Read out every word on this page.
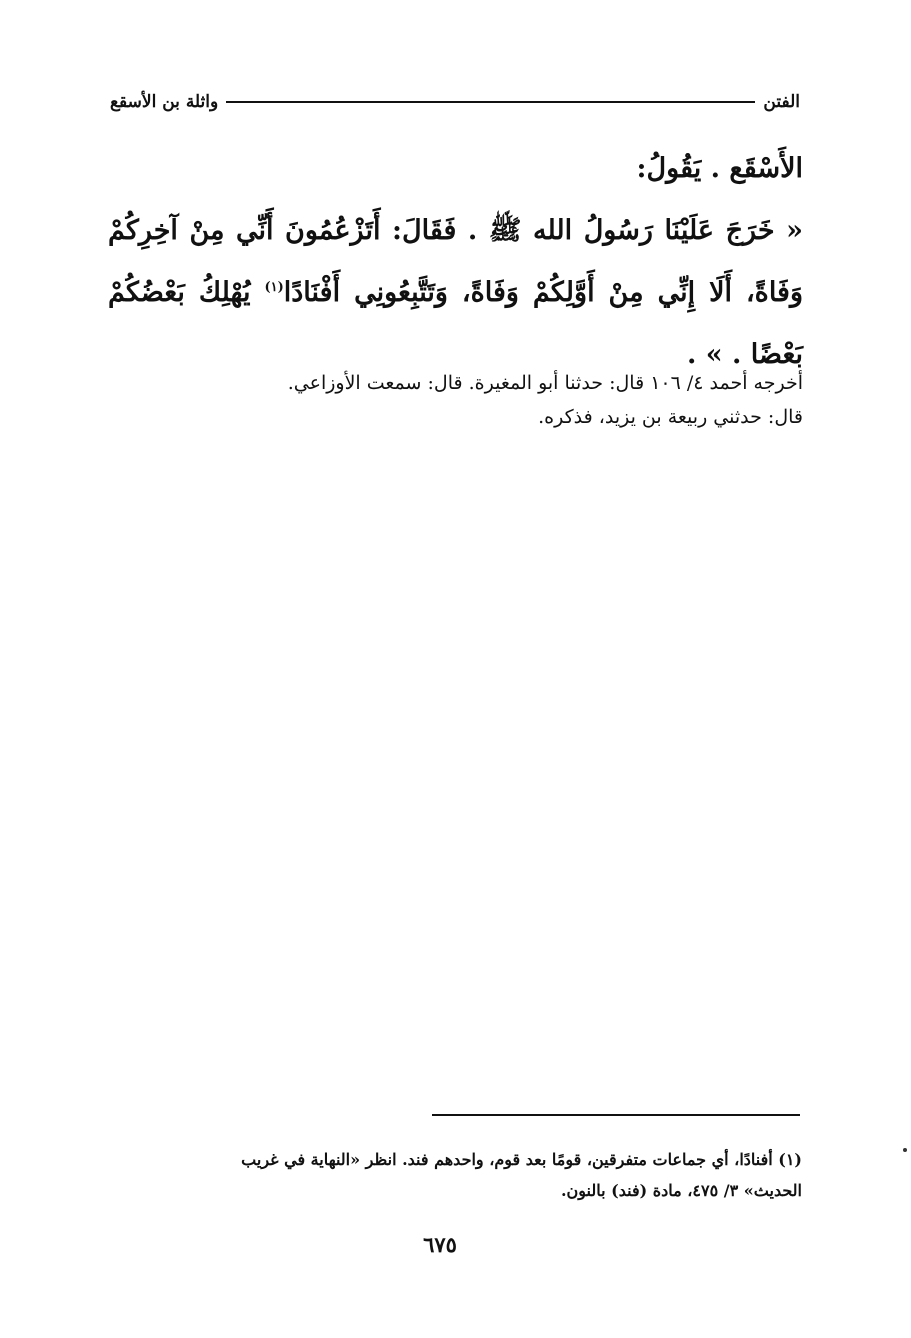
الفتن
واثلة بن الأسقع

الأَسْقَع . يَقُولُ:

« خَرَجَ عَلَيْنَا رَسُولُ الله ﷺ . فَقَالَ: أَتَزْعُمُونَ أَنِّي مِنْ آخِرِكُمْ وَفَاةً، أَلَا إِنِّي مِنْ أَوَّلِكُمْ وَفَاةً، وَتَتَّبِعُونِي أَفْنَادًا$^{(١)}$ يُهْلِكُ بَعْضُكُمْ بَعْضًا . » .

أخرجه أحمد ٤/ ١٠٦ قال: حدثنا أبو المغيرة. قال: سمعت الأوزاعي.

قال: حدثني ربيعة بن يزيد، فذكره.

(١) أفنادًا، أي جماعات متفرقين، قومًا بعد قوم، واحدهم فند. انظر «النهاية في غريب

الحديث» ٣/ ٤٧٥، مادة (فند) بالنون.

٦٧٥
